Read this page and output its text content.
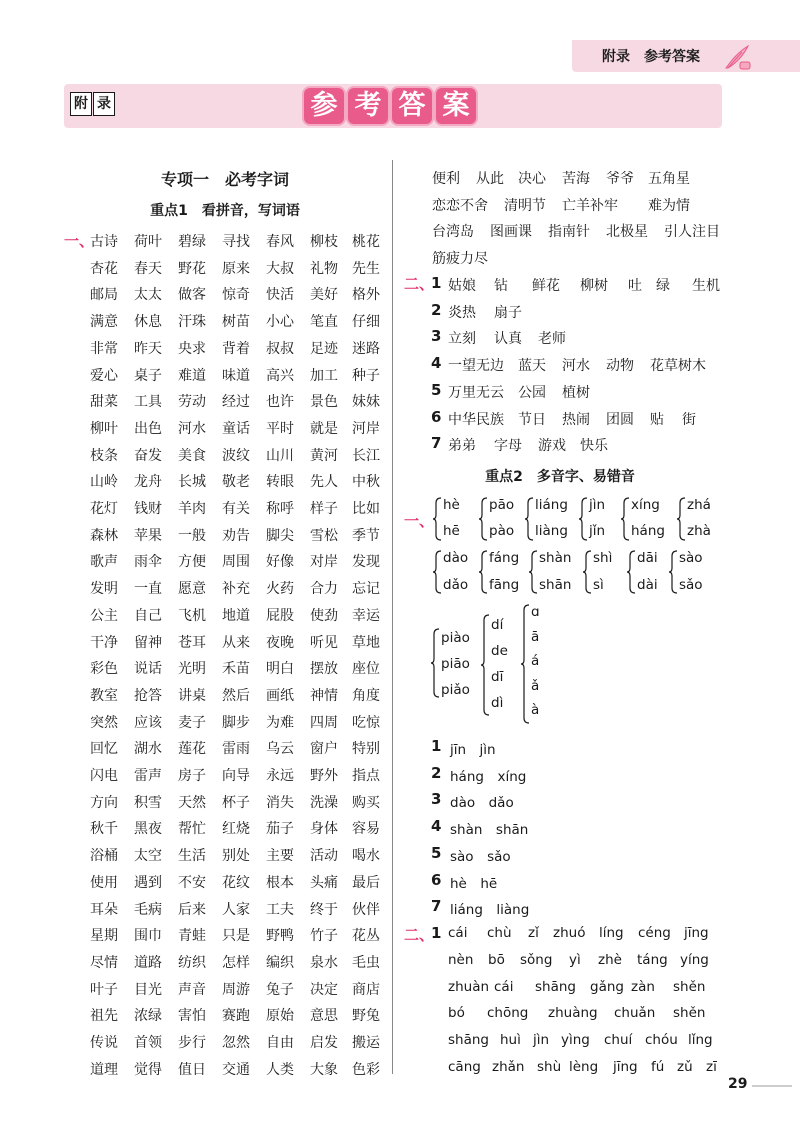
附录　参考答案
附 录	参 考 答 案
专项一　必考字词
重点1　看拼音，写词语
一、
古诗 荷叶 碧绿 寻找 春风 柳枝 桃花
杏花 春天 野花 原来 大叔 礼物 先生
邮局 太太 做客 惊奇 快活 美好 格外
满意 休息 汗珠 树苗 小心 笔直 仔细
非常 昨天 央求 背着 叔叔 足迹 迷路
爱心 桌子 难道 味道 高兴 加工 种子
甜菜 工具 劳动 经过 也许 景色 妹妹
柳叶 出色 河水 童话 平时 就是 河岸
枝条 奋发 美食 波纹 山川 黄河 长江
山岭 龙舟 长城 敬老 转眼 先人 中秋
花灯 钱财 羊肉 有关 称呼 样子 比如
森林 苹果 一般 劝告 脚尖 雪松 季节
歌声 雨伞 方便 周围 好像 对岸 发现
发明 一直 愿意 补充 火药 合力 忘记
公主 自己 飞机 地道 屁股 使劲 幸运
干净 留神 苍耳 从来 夜晚 听见 草地
彩色 说话 光明 禾苗 明白 摆放 座位
教室 抢答 讲桌 然后 画纸 神情 角度
突然 应该 麦子 脚步 为难 四周 吃惊
回忆 湖水 莲花 雷雨 乌云 窗户 特别
闪电 雷声 房子 向导 永远 野外 指点
方向 积雪 天然 杯子 消失 洗澡 购买
秋千 黑夜 帮忙 红烧 茄子 身体 容易
浴桶 太空 生活 别处 主要 活动 喝水
使用 遇到 不安 花纹 根本 头痛 最后
耳朵 毛病 后来 人家 工夫 终于 伙伴
星期 围巾 青蛙 只是 野鸭 竹子 花丛
尽情 道路 纺织 怎样 编织 泉水 毛虫
叶子 目光 声音 周游 兔子 决定 商店
祖先 浓绿 害怕 赛跑 原始 意思 野兔
传说 首领 步行 忽然 自由 启发 搬运
道理 觉得 值日 交通 人类 大象 色彩
便利 从此 决心 苦海 爷爷 五角星
恋恋不舍 清明节 亡羊补牢 难为情
台湾岛 图画课 指南针 北极星 引人注目
筋疲力尽
二、
1 姑娘 钻 鲜花 柳树 吐 绿 生机
2 炎热 扇子
3 立刻 认真 老师
4 一望无边 蓝天 河水 动物 花草树木
5 万里无云 公园 植树
6 中华民族 节日 热闹 团圆 贴 街
7 弟弟 字母 游戏 快乐
重点2　多音字、易错音
一、
hè
hē
pāo
pào
liáng
liàng
jìn
jǐn
xíng
háng
zhá
zhà
dào
dǎo
fáng
fāng
shàn
shān
shì
sì
dāi
dài
sào
sǎo
piào
piāo
piǎo
dí
de
dī
dì
ɑ
ā
á
ǎ
à
1 jīn　jìn
2 háng　xíng
3 dào　dǎo
4 shàn　shān
5 sào　sǎo
6 hè　hē
7 liáng　liàng
二、
1 cái chù zǐ zhuó líng céng jīng
nèn bō sǒng yì zhè táng yíng
zhuàn cái shāng gǎng zàn shěn
bó chōng zhuàng chuǎn shěn
shāng huì jìn yìng chuí chóu lǐng
cāng zhǎn shù lèng jīng fú zǔ zī
29
